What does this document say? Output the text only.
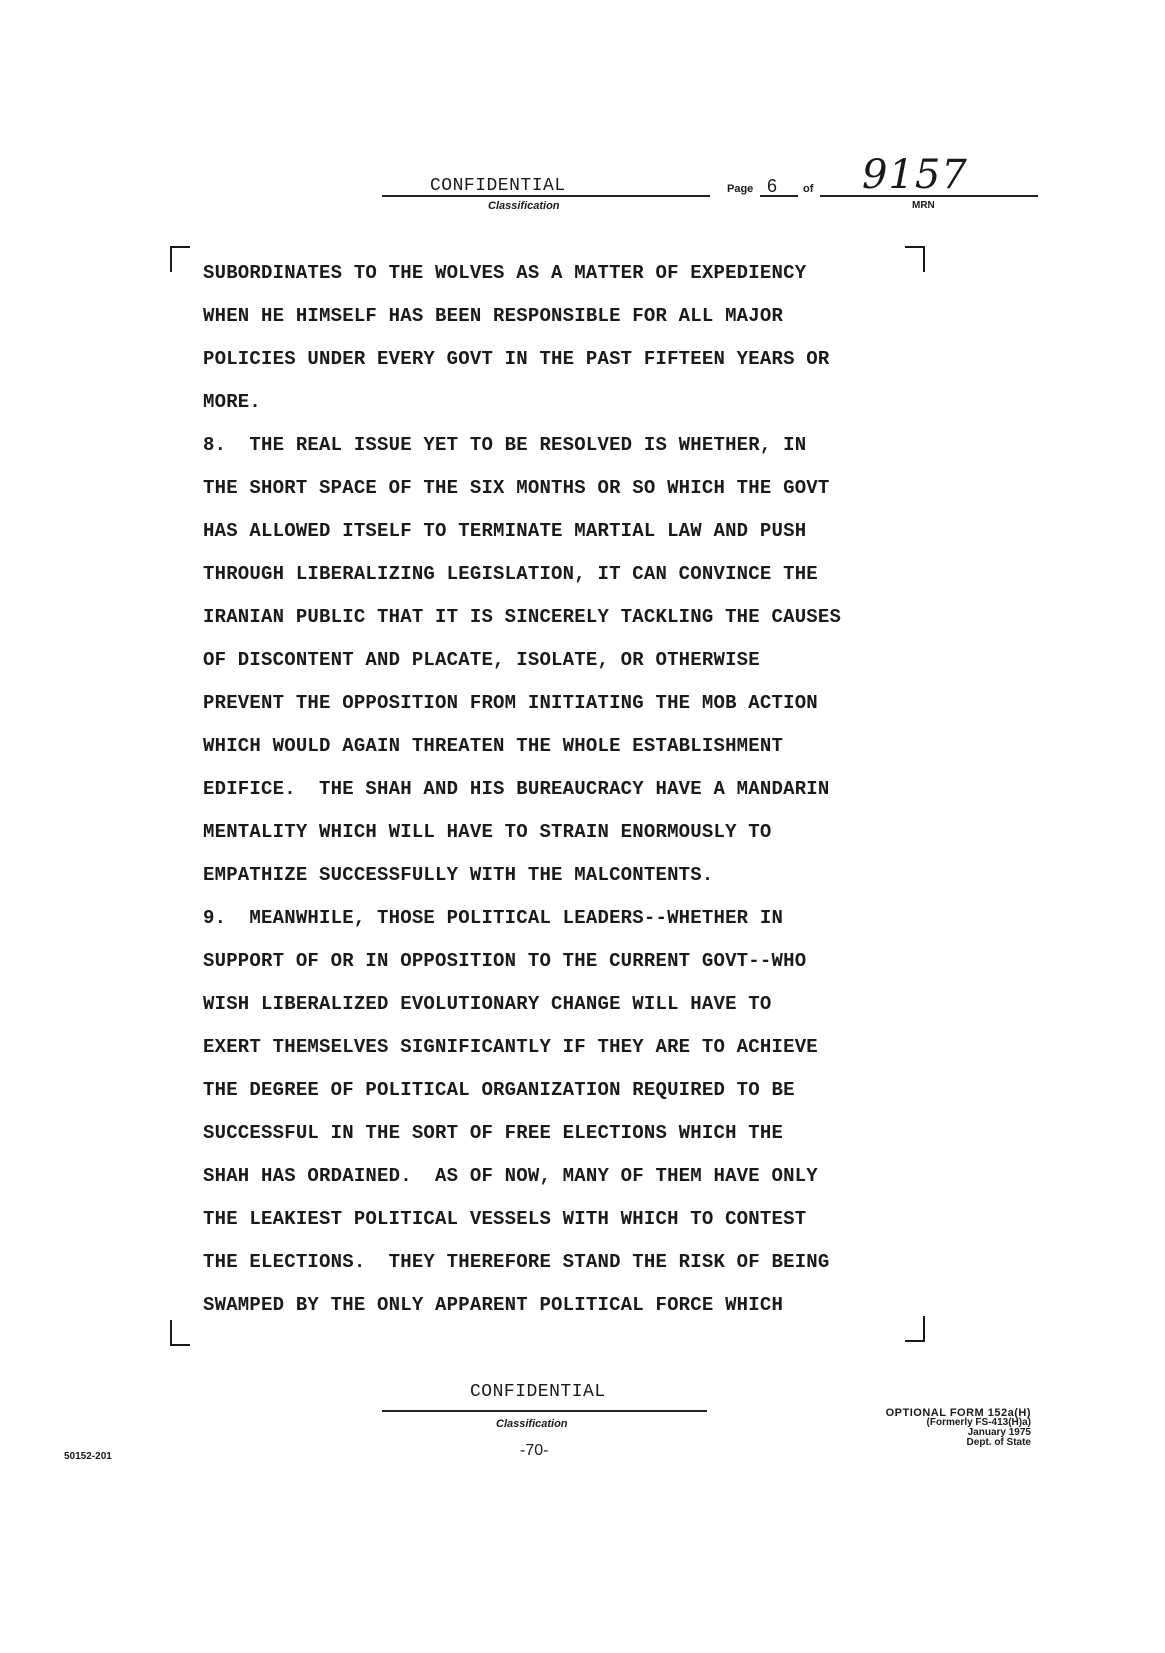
CONFIDENTIAL
Classification
Page 6 of 9157
MRN
SUBORDINATES TO THE WOLVES AS A MATTER OF EXPEDIENCY
WHEN HE HIMSELF HAS BEEN RESPONSIBLE FOR ALL MAJOR
POLICIES UNDER EVERY GOVT IN THE PAST FIFTEEN YEARS OR
MORE.
8.  THE REAL ISSUE YET TO BE RESOLVED IS WHETHER, IN
THE SHORT SPACE OF THE SIX MONTHS OR SO WHICH THE GOVT
HAS ALLOWED ITSELF TO TERMINATE MARTIAL LAW AND PUSH
THROUGH LIBERALIZING LEGISLATION, IT CAN CONVINCE THE
IRANIAN PUBLIC THAT IT IS SINCERELY TACKLING THE CAUSES
OF DISCONTENT AND PLACATE, ISOLATE, OR OTHERWISE
PREVENT THE OPPOSITION FROM INITIATING THE MOB ACTION
WHICH WOULD AGAIN THREATEN THE WHOLE ESTABLISHMENT
EDIFICE.  THE SHAH AND HIS BUREAUCRACY HAVE A MANDARIN
MENTALITY WHICH WILL HAVE TO STRAIN ENORMOUSLY TO
EMPATHIZE SUCCESSFULLY WITH THE MALCONTENTS.
9.  MEANWHILE, THOSE POLITICAL LEADERS--WHETHER IN
SUPPORT OF OR IN OPPOSITION TO THE CURRENT GOVT--WHO
WISH LIBERALIZED EVOLUTIONARY CHANGE WILL HAVE TO
EXERT THEMSELVES SIGNIFICANTLY IF THEY ARE TO ACHIEVE
THE DEGREE OF POLITICAL ORGANIZATION REQUIRED TO BE
SUCCESSFUL IN THE SORT OF FREE ELECTIONS WHICH THE
SHAH HAS ORDAINED.  AS OF NOW, MANY OF THEM HAVE ONLY
THE LEAKIEST POLITICAL VESSELS WITH WHICH TO CONTEST
THE ELECTIONS.  THEY THEREFORE STAND THE RISK OF BEING
SWAMPED BY THE ONLY APPARENT POLITICAL FORCE WHICH
CONFIDENTIAL
Classification
-70-
50152-201
OPTIONAL FORM 152a(H)
(Formerly FS-413(H)a)
January 1975
Dept. of State
